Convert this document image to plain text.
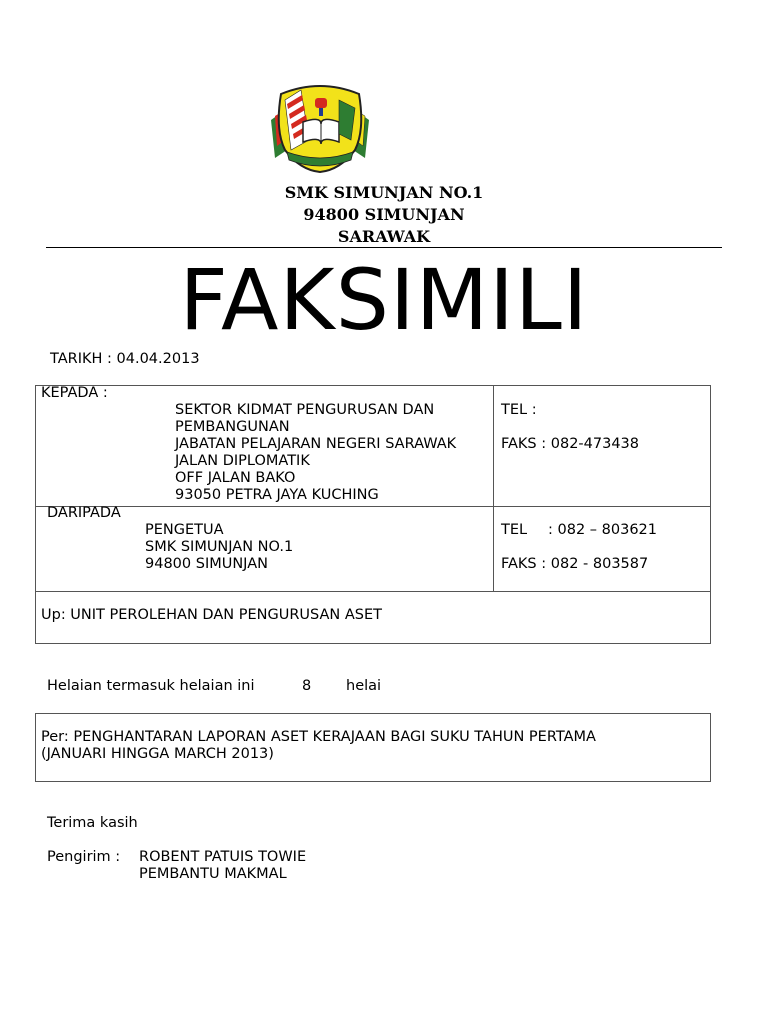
SMK SIMUNJAN NO.1
94800 SIMUNJAN
SARAWAK
FAKSIMILI
TARIKH : 04.04.2013
KEPADA :
SEKTOR KIDMAT PENGURUSAN DAN
PEMBANGUNAN
JABATAN PELAJARAN NEGERI SARAWAK
JALAN DIPLOMATIK
OFF JALAN BAKO
93050 PETRA JAYA KUCHING
TEL :
FAKS : 082-473438
DARIPADA
PENGETUA
SMK SIMUNJAN NO.1
94800 SIMUNJAN
TEL : 082 – 803621
FAKS : 082 - 803587
Up: UNIT PEROLEHAN DAN PENGURUSAN ASET
Helaian termasuk helaian ini	8 helai
Per: PENGHANTARAN LAPORAN ASET KERAJAAN BAGI SUKU TAHUN PERTAMA
(JANUARI HINGGA MARCH 2013)
Terima kasih
Pengirim : ROBENT PATUIS TOWIE
PEMBANTU MAKMAL
